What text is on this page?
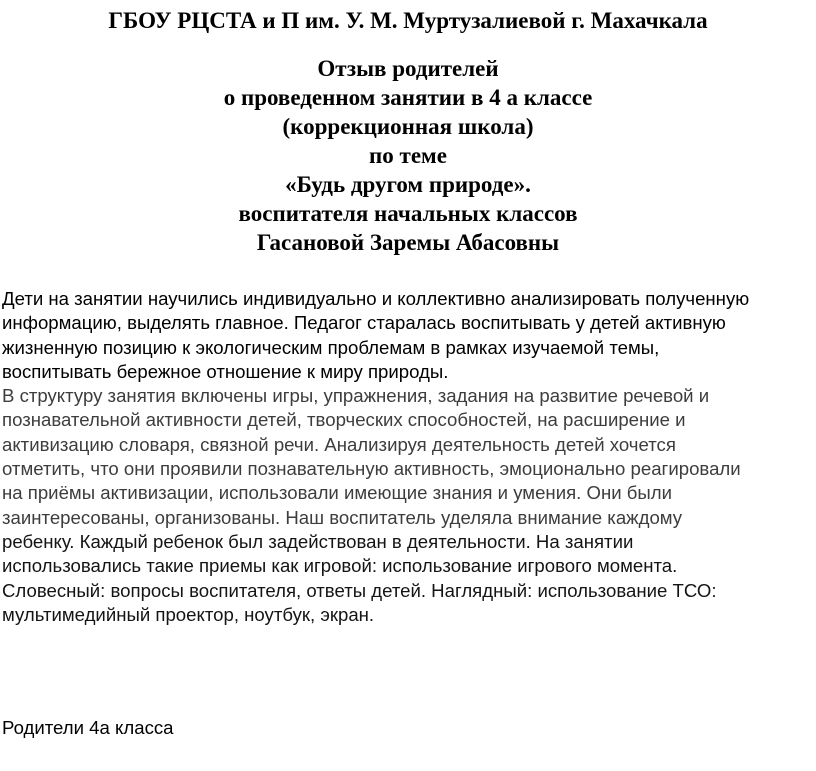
ГБОУ РЦСТА и П им. У. М. Муртузалиевой г. Махачкала
Отзыв родителей
о проведенном занятии в 4 а классе
(коррекционная школа)
по теме
«Будь другом природе».
воспитателя начальных классов
Гасановой Заремы Абасовны

Дети на занятии научились индивидуально и коллективно анализировать полученную
информацию, выделять главное. Педагог старалась воспитывать у детей активную
жизненную позицию к экологическим проблемам в рамках изучаемой темы,
воспитывать бережное отношение к миру природы.

В структуру занятия включены игры, упражнения, задания на развитие речевой и
познавательной активности детей, творческих способностей, на расширение и
активизацию словаря, связной речи. Анализируя деятельность детей хочется
отметить, что они проявили познавательную активность, эмоционально реагировали
на приёмы активизации, использовали имеющие знания и умения. Они были
заинтересованы, организованы. Наш воспитатель уделяла внимание каждому

ребенку. Каждый ребенок был задействован в деятельности. На занятии
использовались такие приемы как игровой: использование игрового момента.
Словесный: вопросы воспитателя, ответы детей. Наглядный: использование ТСО:
мультимедийный проектор, ноутбук, экран.

Родители 4а класса
